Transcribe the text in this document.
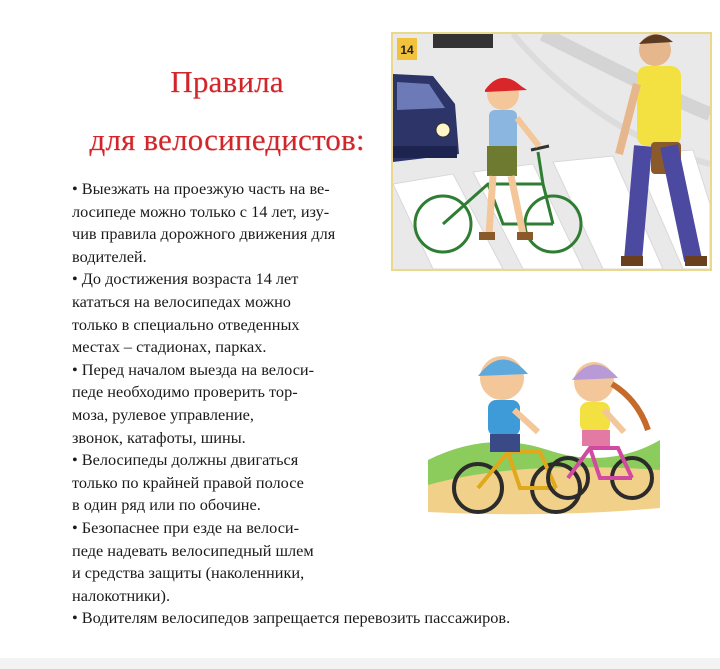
Правила
для велосипедистов:
• Выезжать на проезжую часть на ве-
лосипеде можно только с 14 лет, изу-
чив правила дорожного движения для
водителей.
• До достижения возраста 14 лет
кататься на велосипедах можно
только в специально отведенных
местах – стадионах, парках.
• Перед началом выезда на велоси-
педе необходимо проверить тор-
моза, рулевое управление,
звонок, катафоты, шины.
• Велосипеды должны двигаться
только по крайней правой полосе
в один ряд или по обочине.
• Безопаснее при езде на велоси-
педе надевать велосипедный шлем
и средства защиты (наколенники,
налокотники).
• Водителям велосипедов запрещается перевозить пассажиров.
14
